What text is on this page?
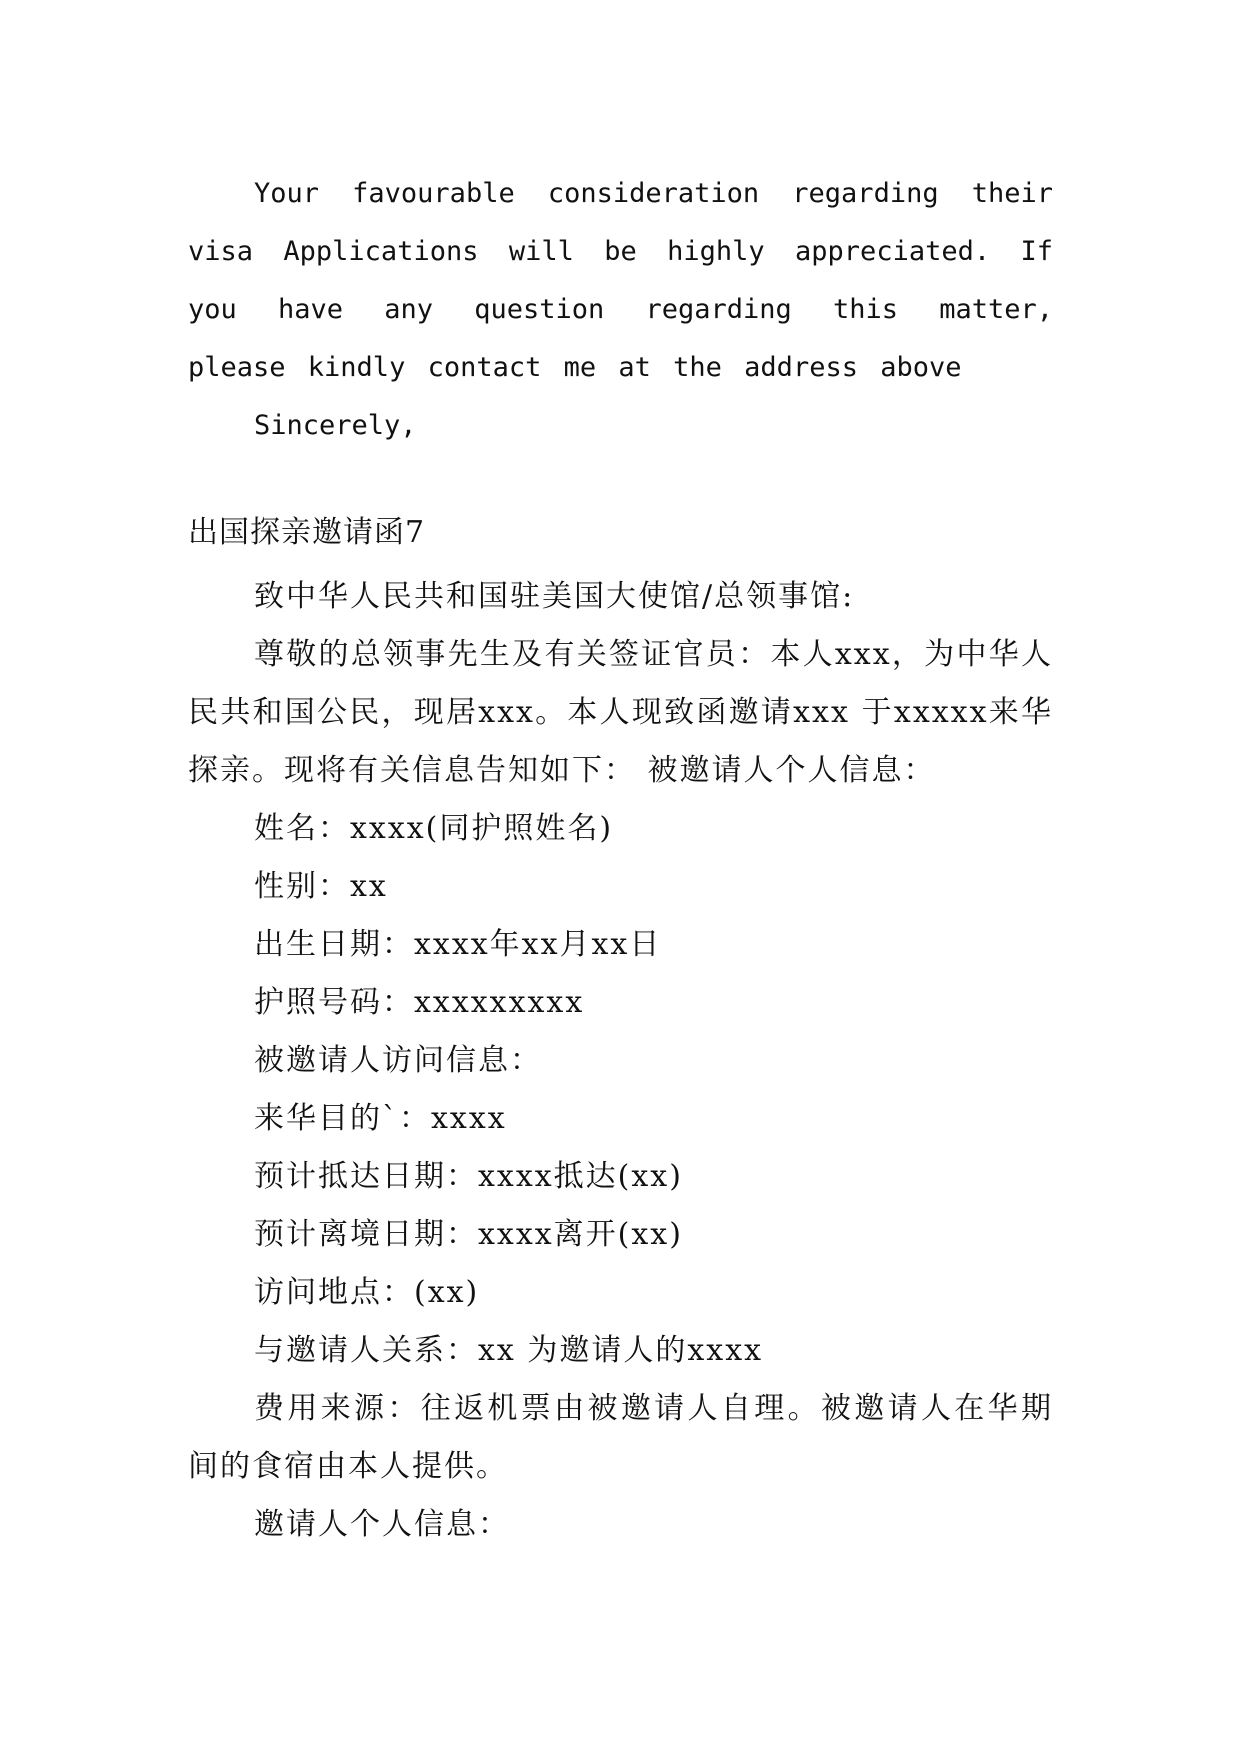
Your favourable consideration regarding their visa Applications will be highly appreciated. If you have any question regarding this matter, please kindly contact me at the address above

Sincerely,

出国探亲邀请函7

致中华人民共和国驻美国大使馆/总领事馆:

尊敬的总领事先生及有关签证官员：本人xxx，为中华人民共和国公民，现居xxx。本人现致函邀请xxx 于xxxxx来华探亲。现将有关信息告知如下： 被邀请人个人信息：

姓名：xxxx(同护照姓名)

性别：xx

出生日期：xxxx年xx月xx日

护照号码：xxxxxxxxx

被邀请人访问信息：

来华目的`：xxxx

预计抵达日期：xxxx抵达(xx)

预计离境日期：xxxx离开(xx)

访问地点：(xx)

与邀请人关系：xx 为邀请人的xxxx

费用来源：往返机票由被邀请人自理。被邀请人在华期间的食宿由本人提供。

邀请人个人信息：
